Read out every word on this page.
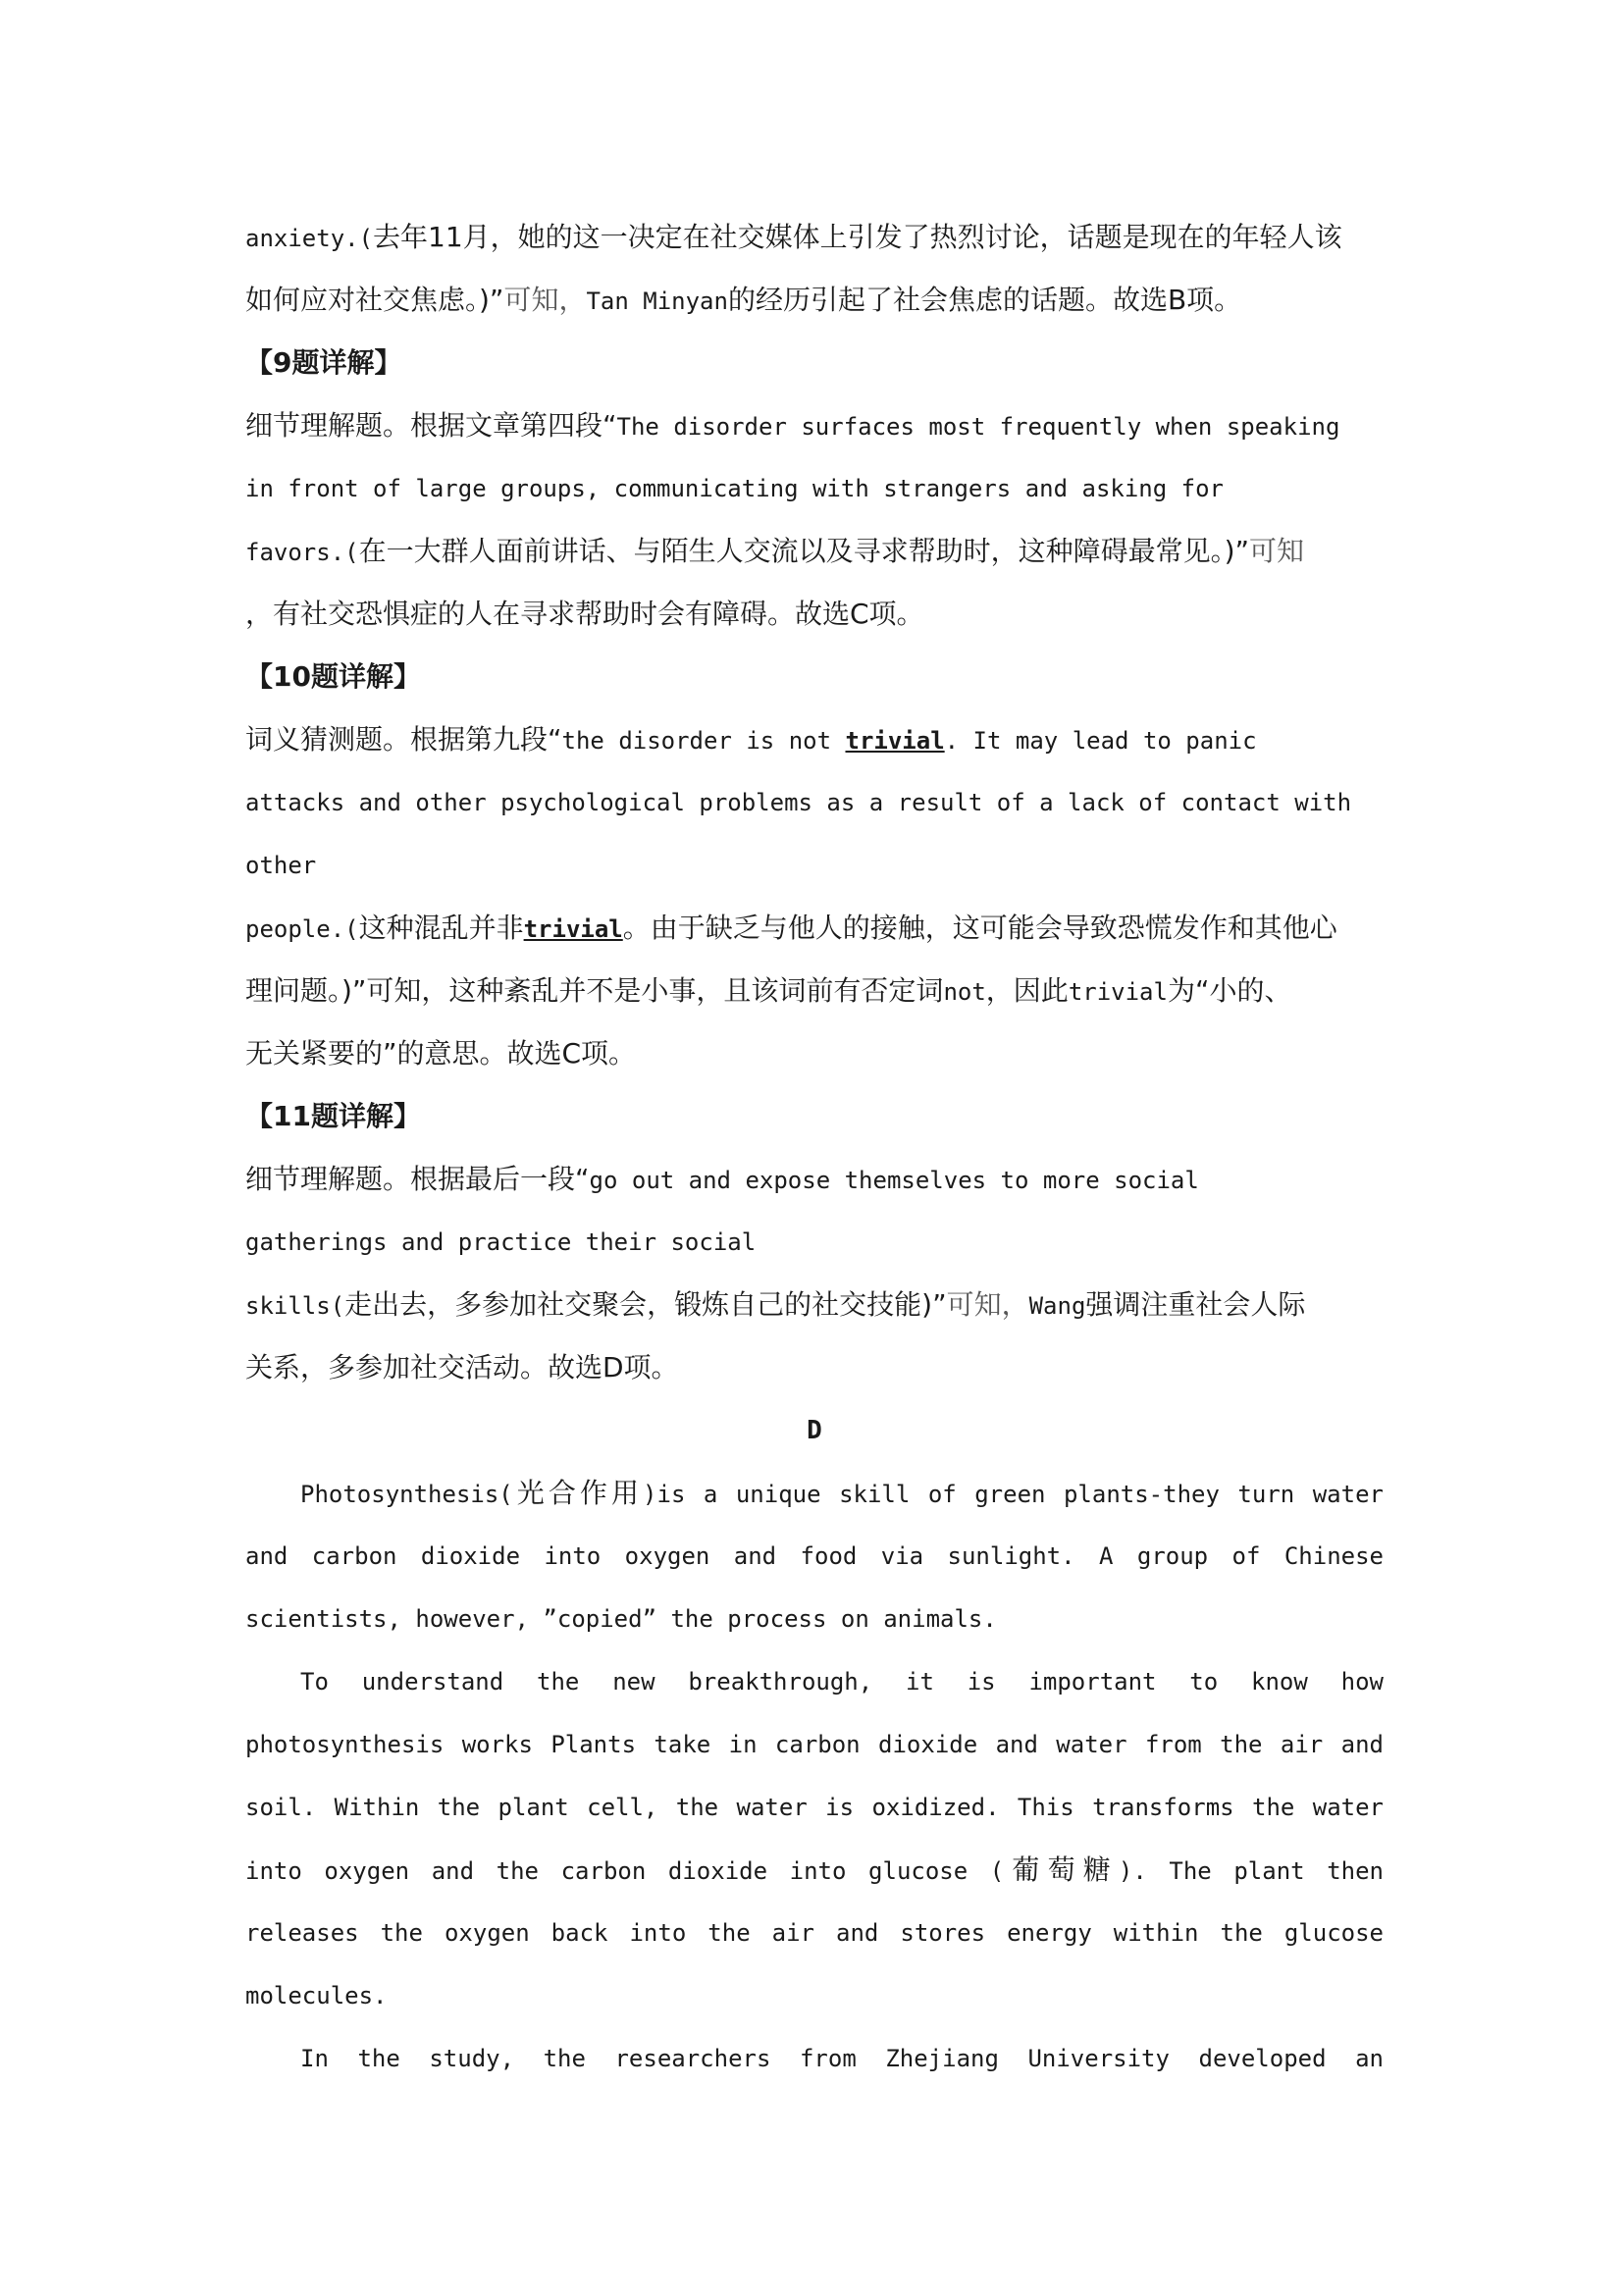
anxiety.(去年11月，她的这一决定在社交媒体上引发了热烈讨论，话题是现在的年轻人该
如何应对社交焦虑。)”可知，Tan Minyan的经历引起了社会焦虑的话题。故选B项。
【9题详解】
细节理解题。根据文章第四段“The disorder surfaces most frequently when speaking
in front of large groups, communicating with strangers and asking for
favors.(在一大群人面前讲话、与陌生人交流以及寻求帮助时，这种障碍最常见。)”可知
，有社交恐惧症的人在寻求帮助时会有障碍。故选C项。
【10题详解】
词义猜测题。根据第九段“the disorder is not trivial. It may lead to panic
attacks and other psychological problems as a result of a lack of contact with
other
people.(这种混乱并非trivial。由于缺乏与他人的接触，这可能会导致恐慌发作和其他心
理问题。)”可知，这种紊乱并不是小事，且该词前有否定词not，因此trivial为“小的、
无关紧要的”的意思。故选C项。
【11题详解】
细节理解题。根据最后一段“go out and expose themselves to more social
gatherings and practice their social
skills(走出去，多参加社交聚会，锻炼自己的社交技能)”可知，Wang强调注重社会人际
关系，多参加社交活动。故选D项。
D
Photosynthesis(光合作用)is a unique skill of green plants-they turn water
and carbon dioxide into oxygen and food via sunlight. A group of Chinese
scientists, however, ”copied” the process on animals.
To understand the new breakthrough, it is important to know how
photosynthesis works Plants take in carbon dioxide and water from the air and
soil. Within the plant cell, the water is oxidized. This transforms the water
into oxygen and the carbon dioxide into glucose (葡萄糖). The plant then
releases the oxygen back into the air and stores energy within the glucose
molecules.
In the study, the researchers from Zhejiang University developed an
